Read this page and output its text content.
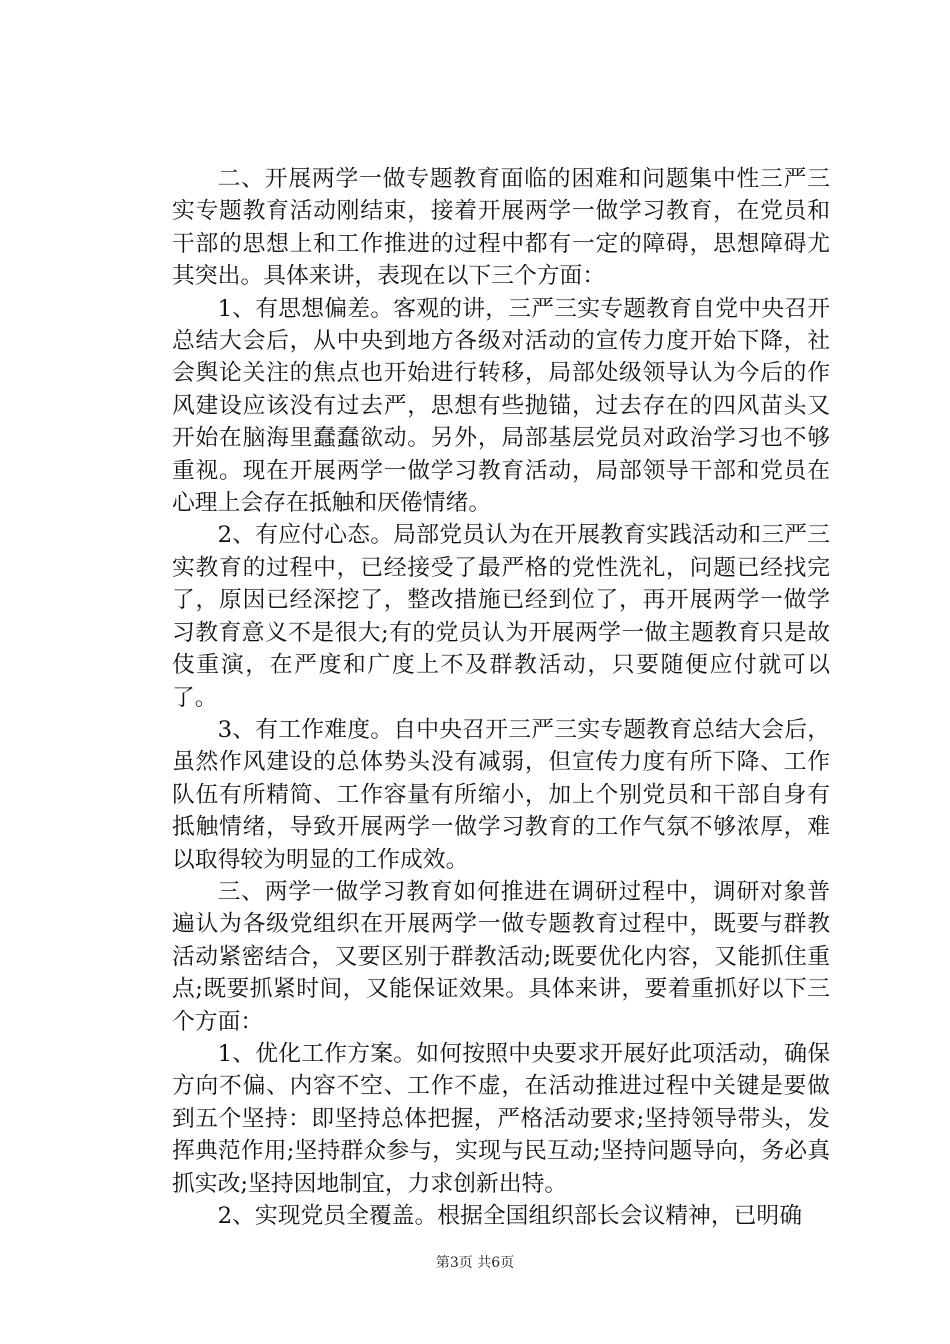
二、开展两学一做专题教育面临的困难和问题集中性三严三实专题教育活动刚结束，接着开展两学一做学习教育，在党员和干部的思想上和工作推进的过程中都有一定的障碍，思想障碍尤其突出。具体来讲，表现在以下三个方面：

1、有思想偏差。客观的讲，三严三实专题教育自党中央召开总结大会后，从中央到地方各级对活动的宣传力度开始下降，社会舆论关注的焦点也开始进行转移，局部处级领导认为今后的作风建设应该没有过去严，思想有些抛锚，过去存在的四风苗头又开始在脑海里蠢蠢欲动。另外，局部基层党员对政治学习也不够重视。现在开展两学一做学习教育活动，局部领导干部和党员在心理上会存在抵触和厌倦情绪。

2、有应付心态。局部党员认为在开展教育实践活动和三严三实教育的过程中，已经接受了最严格的党性洗礼，问题已经找完了，原因已经深挖了，整改措施已经到位了，再开展两学一做学习教育意义不是很大;有的党员认为开展两学一做主题教育只是故伎重演，在严度和广度上不及群教活动，只要随便应付就可以了。

3、有工作难度。自中央召开三严三实专题教育总结大会后，虽然作风建设的总体势头没有减弱，但宣传力度有所下降、工作队伍有所精简、工作容量有所缩小，加上个别党员和干部自身有抵触情绪，导致开展两学一做学习教育的工作气氛不够浓厚，难以取得较为明显的工作成效。

三、两学一做学习教育如何推进在调研过程中，调研对象普遍认为各级党组织在开展两学一做专题教育过程中，既要与群教活动紧密结合，又要区别于群教活动;既要优化内容，又能抓住重点;既要抓紧时间，又能保证效果。具体来讲，要着重抓好以下三个方面：

1、优化工作方案。如何按照中央要求开展好此项活动，确保方向不偏、内容不空、工作不虚，在活动推进过程中关键是要做到五个坚持：即坚持总体把握，严格活动要求;坚持领导带头，发挥典范作用;坚持群众参与，实现与民互动;坚持问题导向，务必真抓实改;坚持因地制宜，力求创新出特。

2、实现党员全覆盖。根据全国组织部长会议精神，已明确

第3页 共6页
